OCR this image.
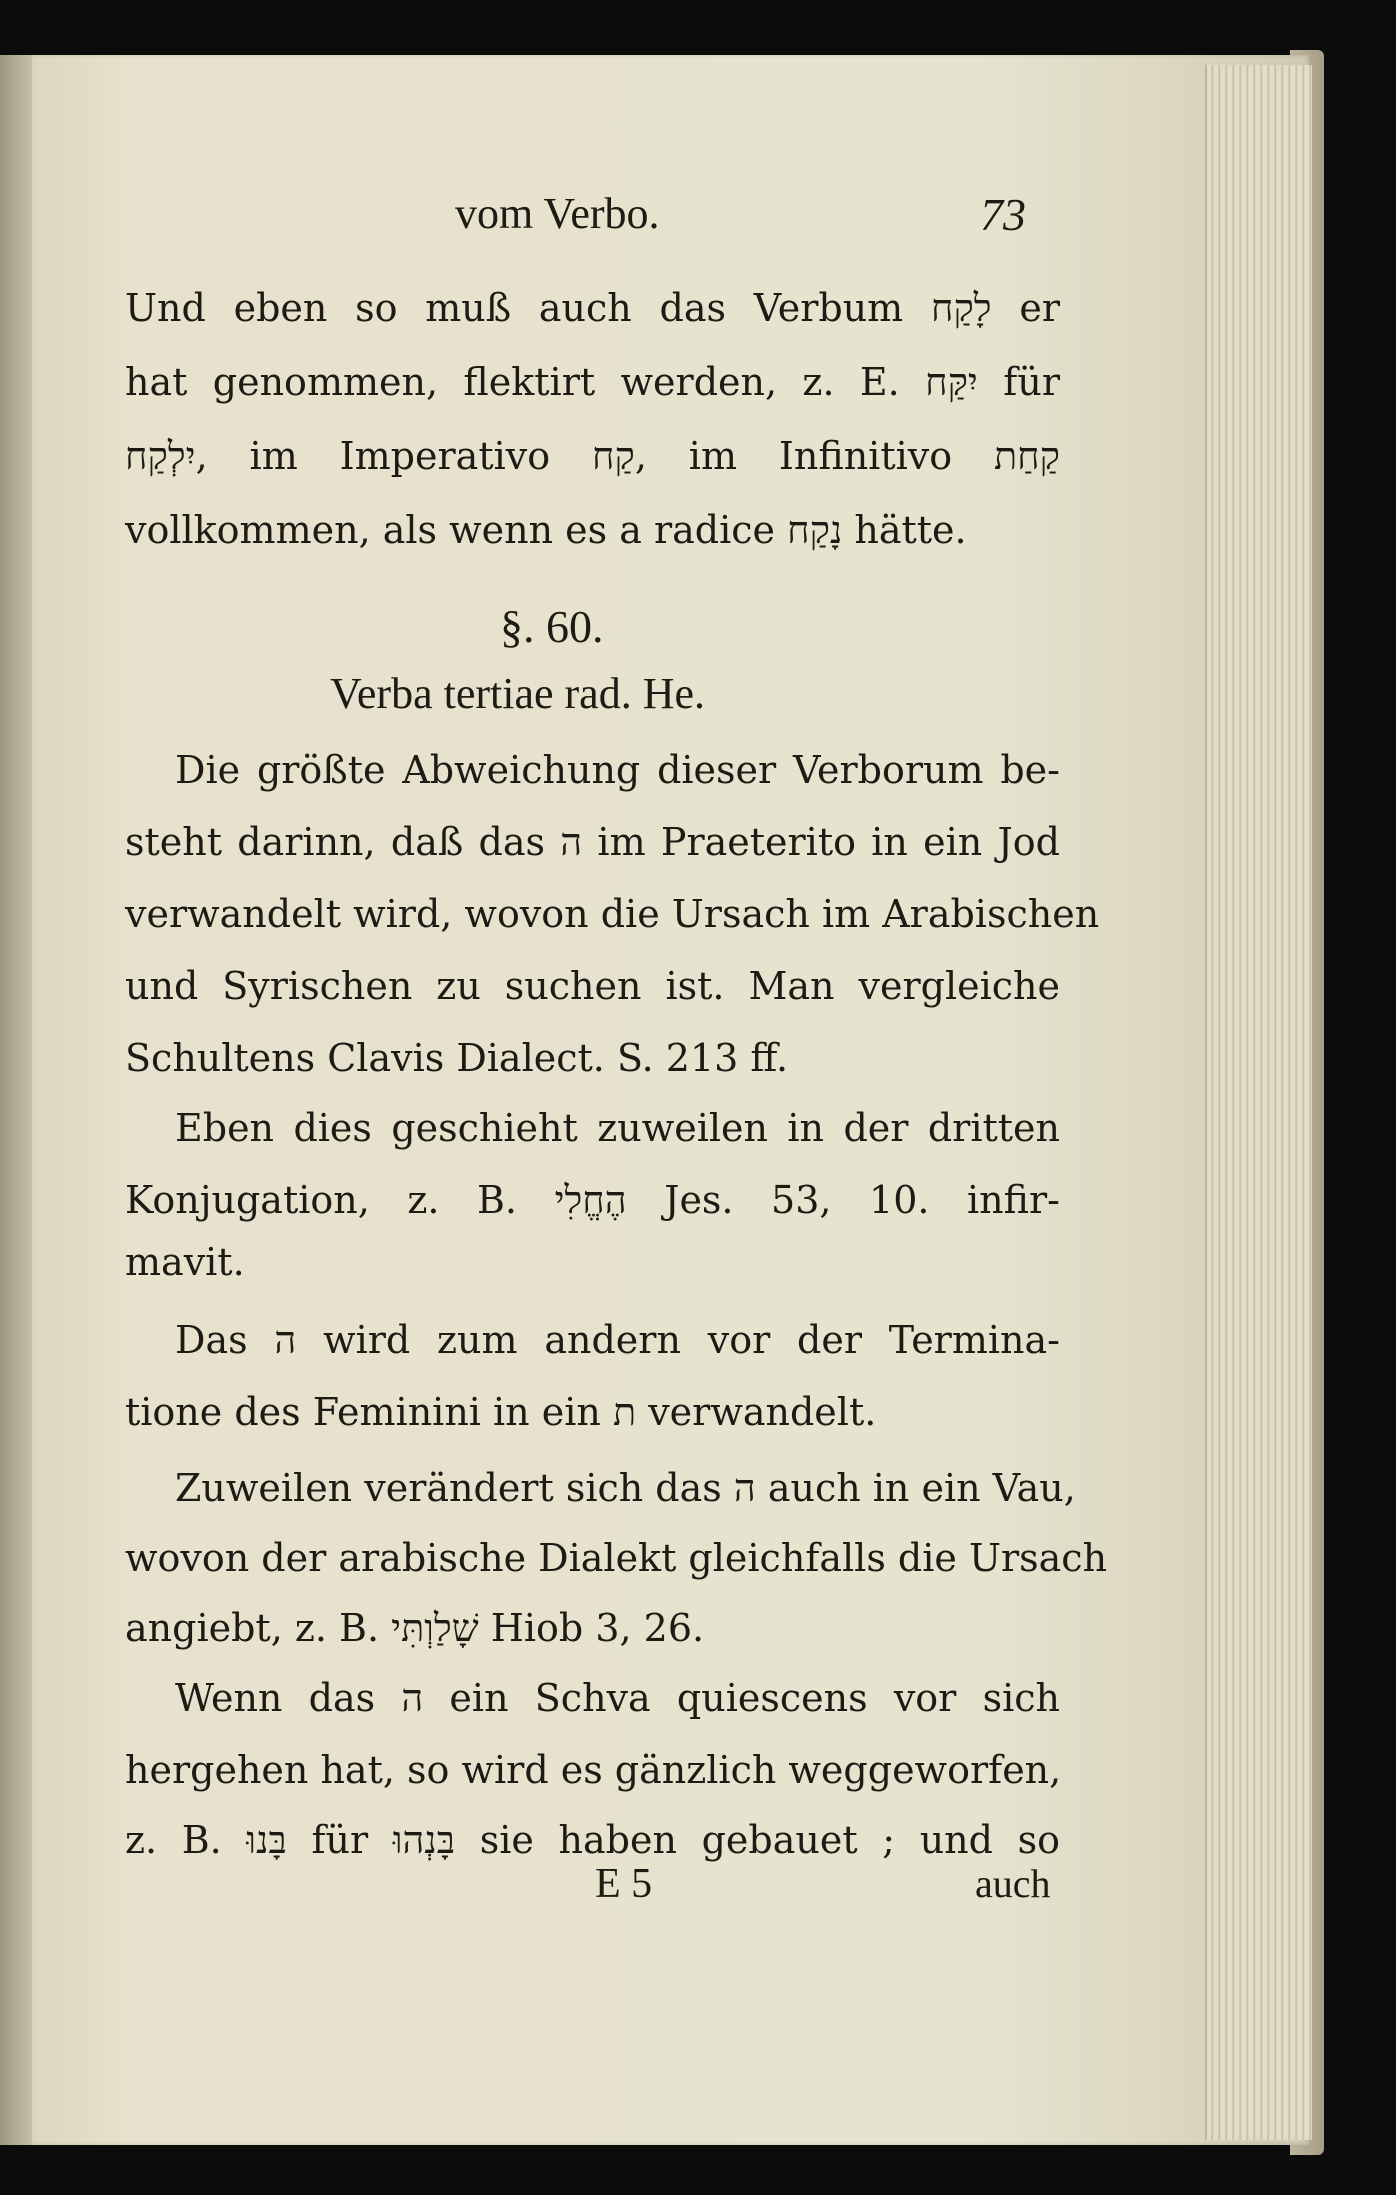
vom Verbo.	73
Und eben so muß auch das Verbum לָקַח er
hat genommen, flektirt werden, z. E. יִקַּח für
יִלְקַח, im Imperativo קַח, im Infinitivo קַחַת
vollkommen, als wenn es a radice נָקַח hätte.
§. 60.
Verba tertiae rad. He.
Die größte Abweichung dieser Verborum be-
steht darinn, daß das ה im Praeterito in ein Jod
verwandelt wird, wovon die Ursach im Arabischen
und Syrischen zu suchen ist. Man vergleiche
Schultens Clavis Dialect. S. 213 ff.
Eben dies geschieht zuweilen in der dritten
Konjugation, z. B. הֶחֱלִי Jes. 53, 10. infir-
mavit.
Das ה wird zum andern vor der Termina-
tione des Feminini in ein ת verwandelt.
Zuweilen verändert sich das ה auch in ein Vau,
wovon der arabische Dialekt gleichfalls die Ursach
angiebt, z. B. שָׁלַוְתִּי Hiob 3, 26.
Wenn das ה ein Schva quiescens vor sich
hergehen hat, so wird es gänzlich weggeworfen,
z. B. בָּנוּ für בָּנְהוּ sie haben gebauet ; und so
E 5	auch
